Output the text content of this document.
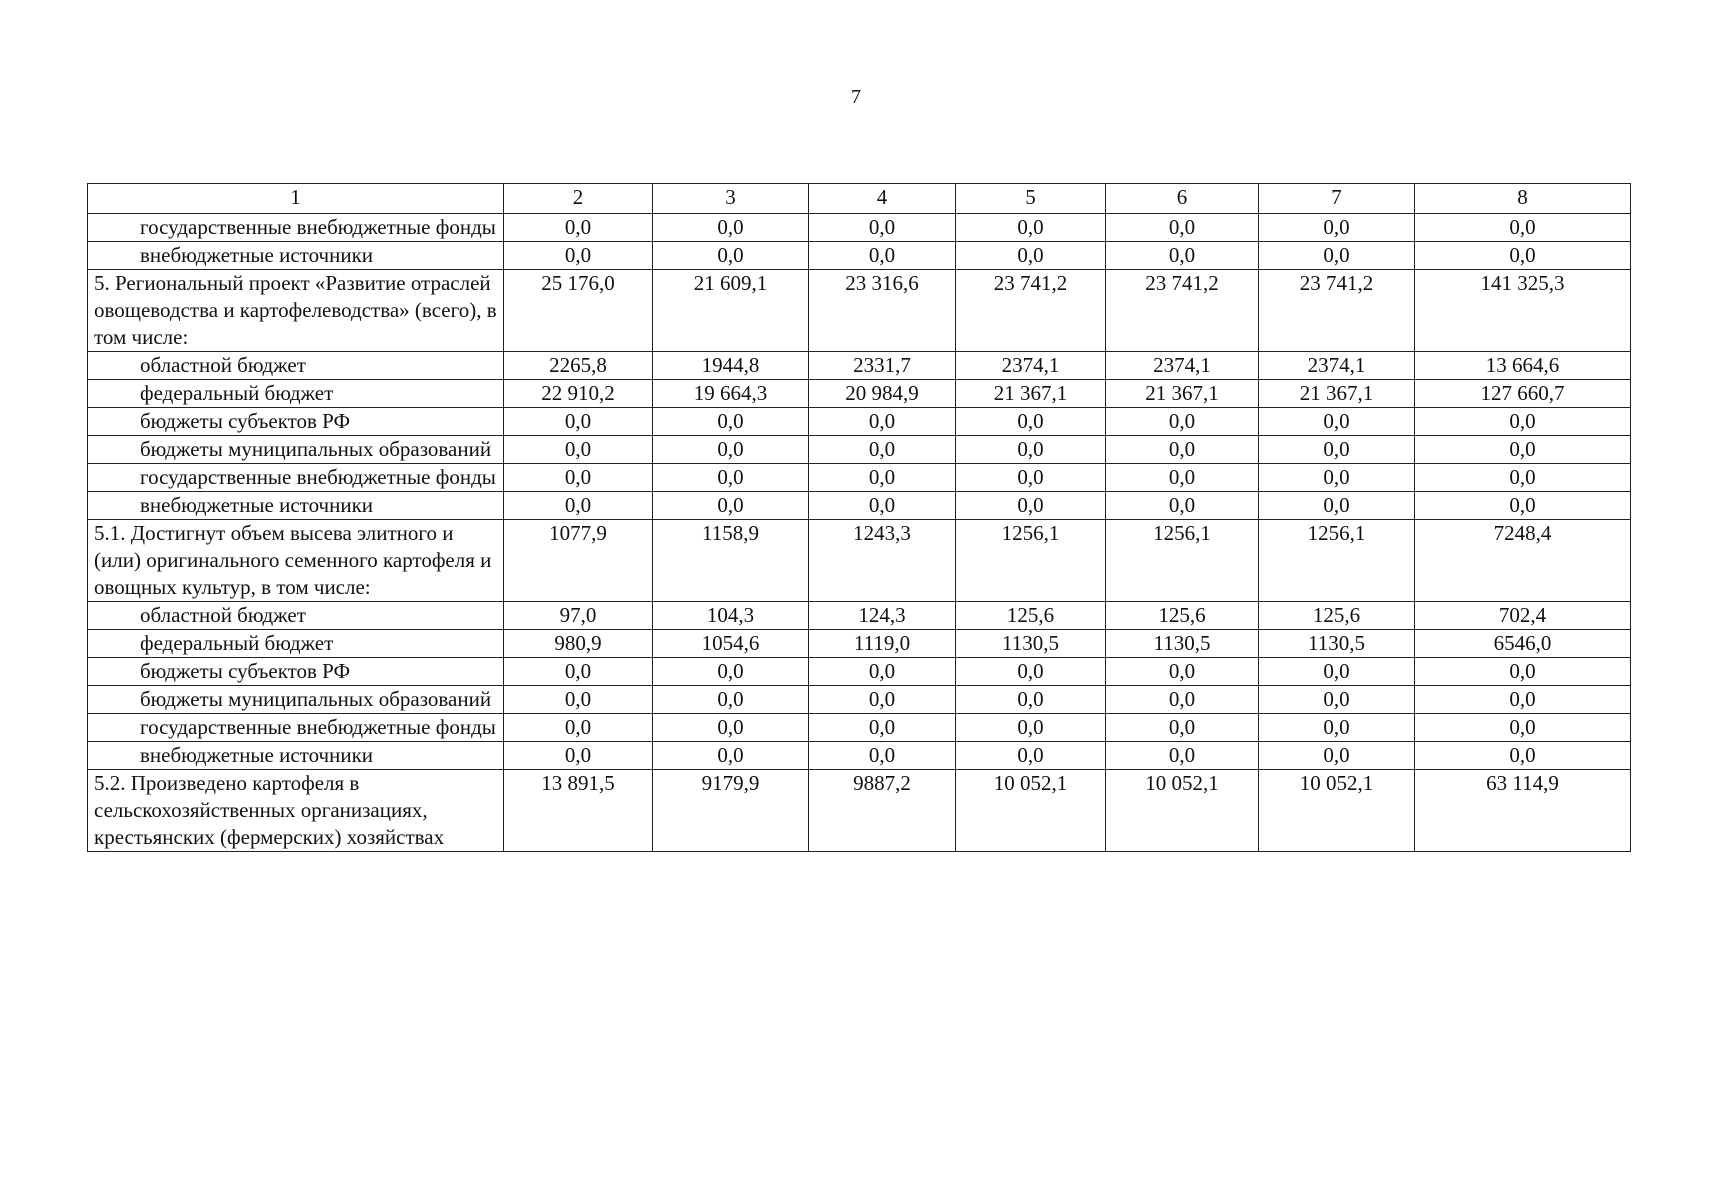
7
1	2	3	4	5	6	7	8
государственные внебюджетные фонды	0,0	0,0	0,0	0,0	0,0	0,0	0,0
внебюджетные источники	0,0	0,0	0,0	0,0	0,0	0,0	0,0
5. Региональный проект «Развитие отраслей овощеводства и картофелеводства» (всего), в том числе:	25 176,0	21 609,1	23 316,6	23 741,2	23 741,2	23 741,2	141 325,3
областной бюджет	2265,8	1944,8	2331,7	2374,1	2374,1	2374,1	13 664,6
федеральный бюджет	22 910,2	19 664,3	20 984,9	21 367,1	21 367,1	21 367,1	127 660,7
бюджеты субъектов РФ	0,0	0,0	0,0	0,0	0,0	0,0	0,0
бюджеты муниципальных образований	0,0	0,0	0,0	0,0	0,0	0,0	0,0
государственные внебюджетные фонды	0,0	0,0	0,0	0,0	0,0	0,0	0,0
внебюджетные источники	0,0	0,0	0,0	0,0	0,0	0,0	0,0
5.1. Достигнут объем высева элитного и (или) оригинального семенного картофеля и овощных культур, в том числе:	1077,9	1158,9	1243,3	1256,1	1256,1	1256,1	7248,4
областной бюджет	97,0	104,3	124,3	125,6	125,6	125,6	702,4
федеральный бюджет	980,9	1054,6	1119,0	1130,5	1130,5	1130,5	6546,0
бюджеты субъектов РФ	0,0	0,0	0,0	0,0	0,0	0,0	0,0
бюджеты муниципальных образований	0,0	0,0	0,0	0,0	0,0	0,0	0,0
государственные внебюджетные фонды	0,0	0,0	0,0	0,0	0,0	0,0	0,0
внебюджетные источники	0,0	0,0	0,0	0,0	0,0	0,0	0,0
5.2. Произведено картофеля в сельскохозяйственных организациях, крестьянских (фермерских) хозяйствах	13 891,5	9179,9	9887,2	10 052,1	10 052,1	10 052,1	63 114,9
